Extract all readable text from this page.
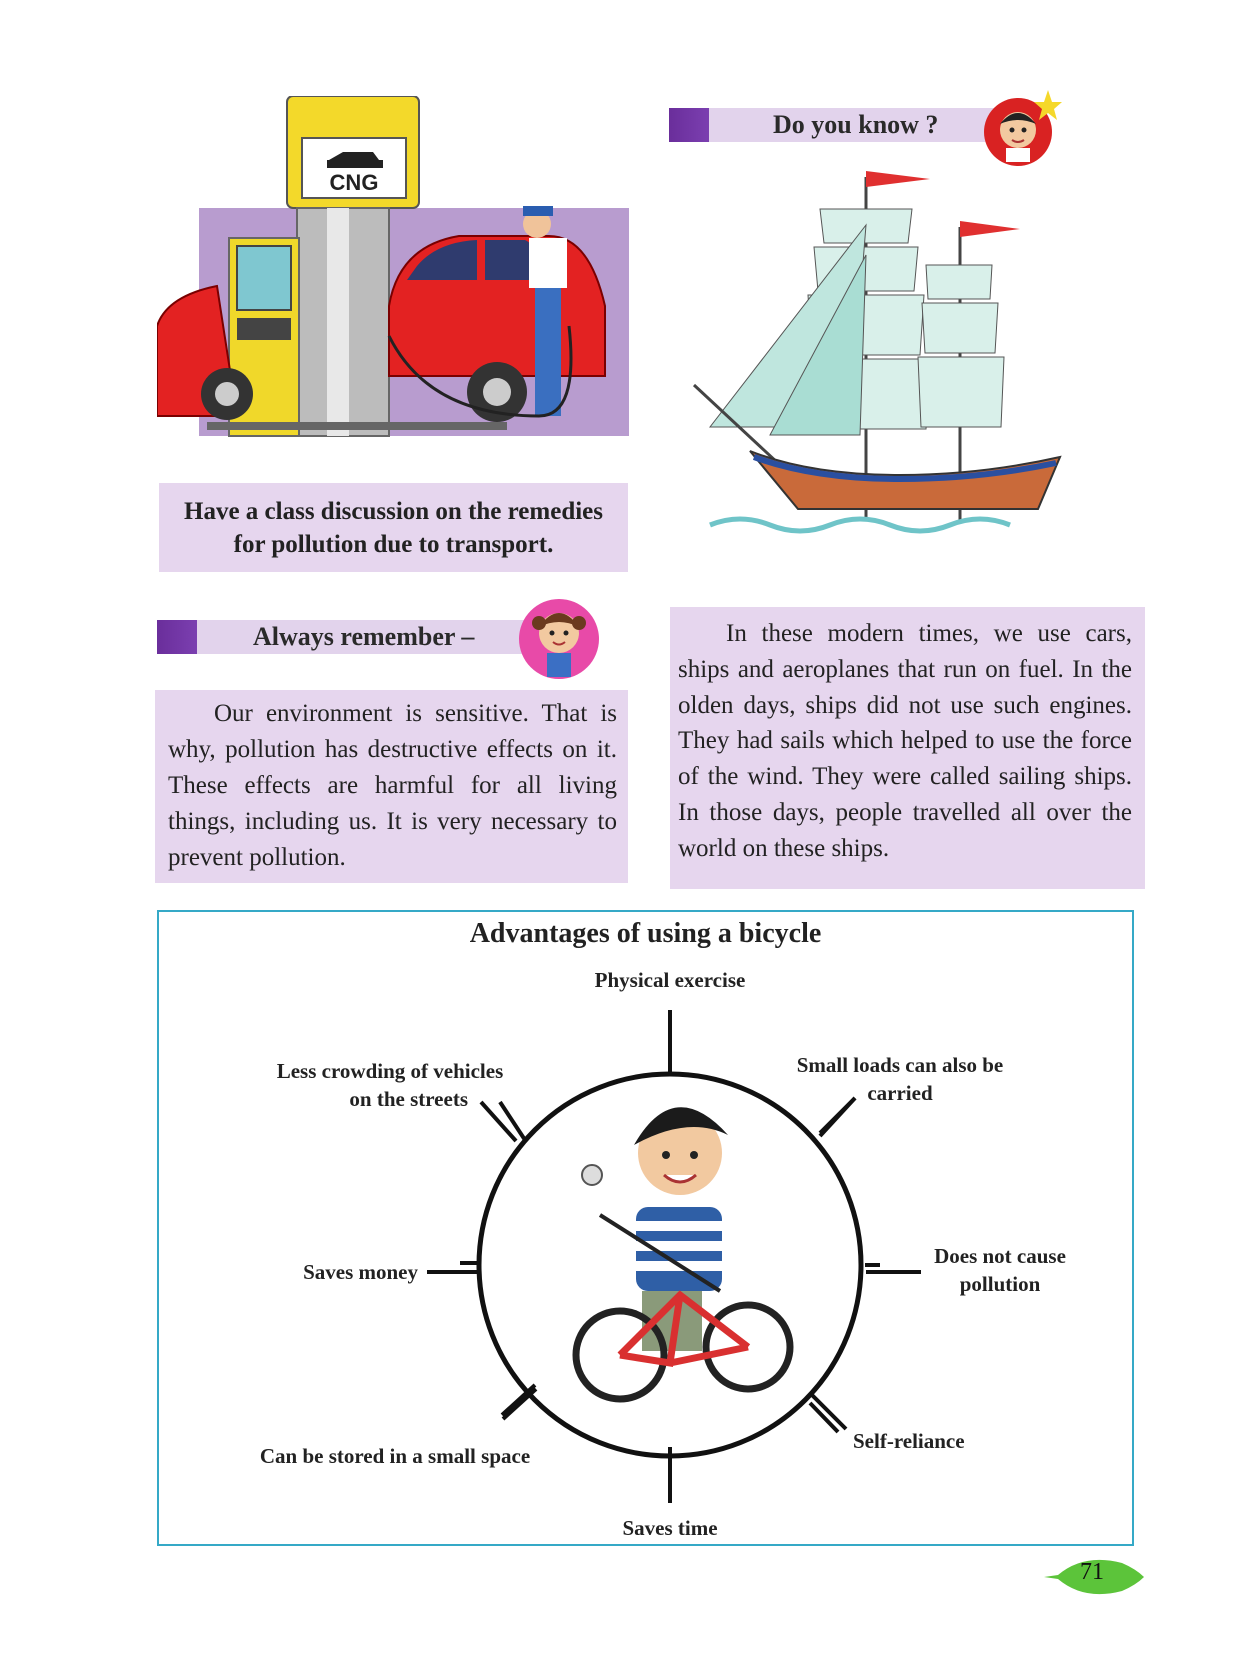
CNG
Have a class discussion on the remedies for pollution due to transport.
Always remember –
Our environment is sensitive. That is why, pollution has destructive effects on it. These effects are harmful for all living things, including us. It is very necessary to prevent pollution.
Do you know ?
In these modern times, we use cars, ships and aeroplanes that run on fuel. In the olden days, ships did not use such engines. They had sails which helped to use the force of the wind. They were called sailing ships. In those days, people travelled all over the world on these ships.
Advantages of using a bicycle
Physical exercise
Small loads can also be
carried
Does not cause
pollution
Self-reliance
Saves time
Can be stored in a small space
Saves money
Less crowding of vehicles
on the streets
71
